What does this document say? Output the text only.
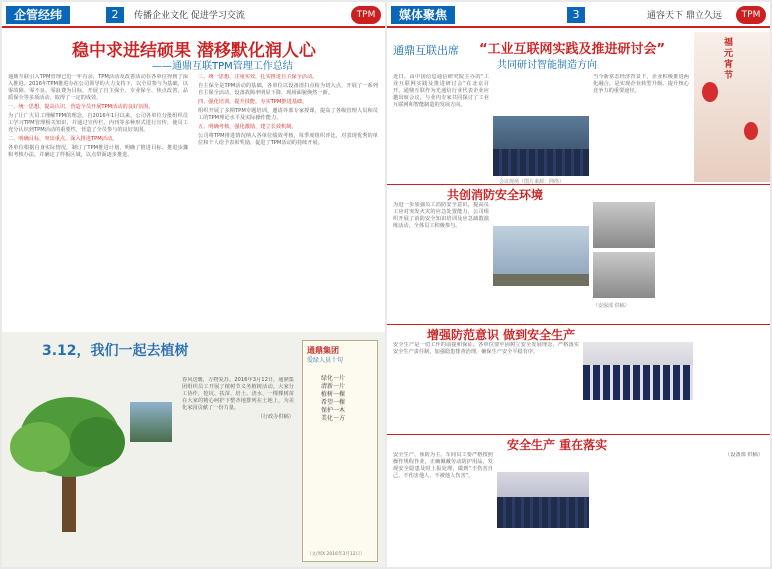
企管经纬	2	传播企业文化 促进学习交流	TPM
稳中求进结硕果 潜移默化润人心
——通鼎互联TPM管理工作总结

通鼎互联引入TPM管理已近一年有余，TPM活动及改善活动在各单位得到了深入推进。2016年TPM推进办在公司领导的大力支持下，以全员参与为基础，以零故障、零不良、零浪费为目标，开展了自主保全、专业保全、焦点改善、品质保全等多项活动，取得了一定的成效。

一、统一思想，提高认识，营造全员开展TPM活动的良好氛围。

为了让广大员工理解TPM的理念，自2016年1月以来，公司各单位分批组织员工学习TPM管理相关知识，并通过宣传栏、内刊等多种形式进行宣传，使员工充分认识到TPM活动的重要性，营造了全员参与的良好氛围。

二、明确目标，突出重点，深入推进TPM活动。

各单位根据自身实际情况，制订了TPM推进计划，明确了推进目标、推进步骤和考核办法，并确定了样板区域，以点带面逐步推进。

三、统一思想，注重实效，扎实推进自主保全活动。

自主保全是TPM活动的基础，各单位以设备清扫点检为切入点，开展了一系列自主保全活动，设备故障率明显下降，现场面貌焕然一新。

四、强化培训，提升技能，夯实TPM推进基础。

组织开展了多期TPM专题培训，邀请外部专家授课，提高了各级管理人员和员工的TPM理论水平及实际操作能力。

五、明确考核，强化激励，建立长效机制。

公司将TPM推进情况纳入各单位绩效考核，每季度组织评比，对表现优秀的单位和个人给予表彰奖励，促进了TPM活动的持续开展。

3.12，我们一起去植树

春风送暖，万物复苏。2016年3月12日，通鼎集团组织员工开展了植树节义务植树活动。大家分工协作，挖坑、扶苗、培土、浇水，一棵棵树苗在大家的精心呵护下整齐地排列在土地上，为美化家园贡献了一份力量。

（行政办供稿）

通鼎集团
爱绿人员十句
绿化一片
清新一片
植树一棵
希望一棵
保护一木
美化一方
（文/周X 2016年3月12日）
媒体聚焦	3	通容天下 鼎立久远	TPM
通鼎互联出席 “工业互联网实践及推进研讨会”
共同研讨智能制造方向

近日，由中国信息通信研究院主办的“工业互联网实践及推进研讨会”在北京召开。通鼎互联作为光通信行业代表企业应邀出席会议，与业内专家共同探讨了工业互联网和智能制造的发展方向。

会议现场（图片来源：网络）

当今新常态经济背景下，企业积极推进两化融合，是实现企业转型升级、提升核心竞争力的重要途径。

福元宵节
共创消防安全环境

为进一步加强员工消防安全意识，提高员工应对突发火灾的应急处置能力，公司组织开展了消防安全知识培训及应急疏散演练活动，全体员工积极参与。

（安保部 供稿）
增强防范意识 做到安全生产

安全生产是一切工作的前提和保证。各单位要牢固树立安全发展理念，严格落实安全生产责任制，加强隐患排查治理，确保生产安全平稳有序。

安全生产 重在落实

安全生产，预防为主。车间员工要严格按照操作规程作业，正确佩戴劳动防护用品，发现安全隐患及时上报处理，做到“不伤害自己、不伤害他人、不被他人伤害”。

（设备部 供稿）
